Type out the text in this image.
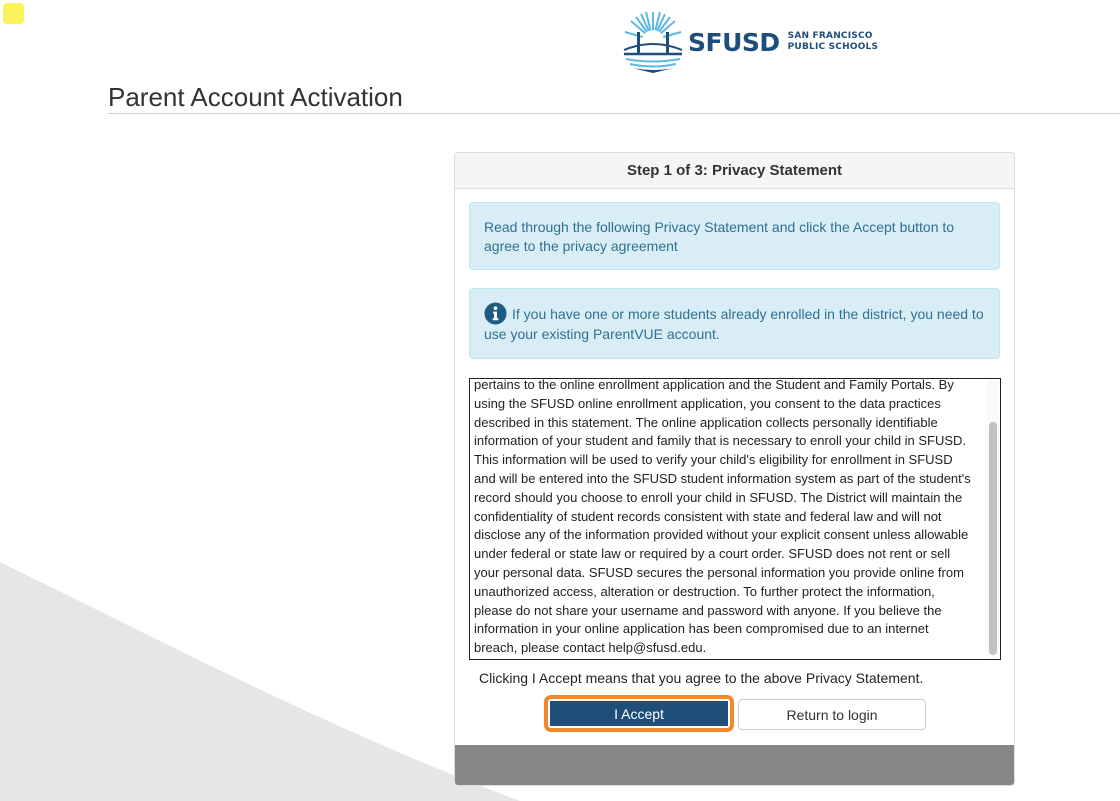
SFUSD SAN FRANCISCO
PUBLIC SCHOOLS
Parent Account Activation
Step 1 of 3: Privacy Statement
Read through the following Privacy Statement and click the Accept button to agree to the privacy agreement
If you have one or more students already enrolled in the district, you need to use your existing ParentVUE account.
pertains to the online enrollment application and the Student and Family Portals. By
using the SFUSD online enrollment application, you consent to the data practices
described in this statement. The online application collects personally identifiable
information of your student and family that is necessary to enroll your child in SFUSD.
This information will be used to verify your child's eligibility for enrollment in SFUSD
and will be entered into the SFUSD student information system as part of the student's
record should you choose to enroll your child in SFUSD. The District will maintain the
confidentiality of student records consistent with state and federal law and will not
disclose any of the information provided without your explicit consent unless allowable
under federal or state law or required by a court order. SFUSD does not rent or sell
your personal data. SFUSD secures the personal information you provide online from
unauthorized access, alteration or destruction. To further protect the information,
please do not share your username and password with anyone. If you believe the
information in your online application has been compromised due to an internet
breach, please contact help@sfusd.edu.
Clicking I Accept means that you agree to the above Privacy Statement.
I Accept	Return to login
